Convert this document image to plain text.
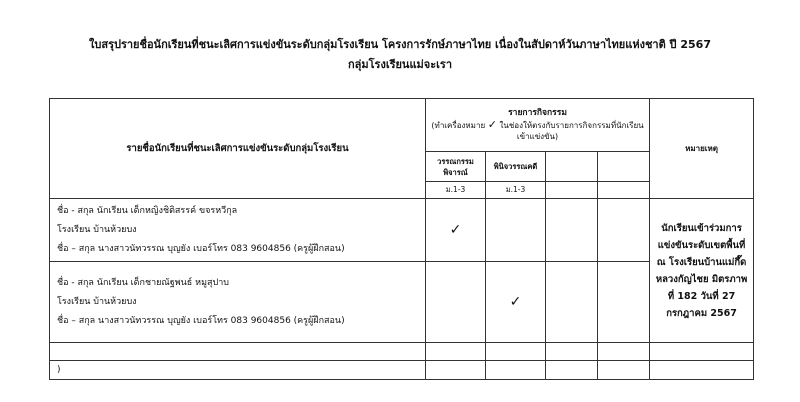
ใบสรุปรายชื่อนักเรียนที่ชนะเลิศการแข่งขันระดับกลุ่มโรงเรียน โครงการรักษ์ภาษาไทย เนื่องในสัปดาห์วันภาษาไทยแห่งชาติ ปี 2567
กลุ่มโรงเรียนแม่จะเรา
รายชื่อนักเรียนที่ชนะเลิศการแข่งขันระดับกลุ่มโรงเรียน	รายการกิจกรรม
(ทำเครื่องหมาย ✓ ในช่องให้ตรงกับรายการกิจกรรมที่นักเรียนเข้าแข่งขัน)				หมายเหตุ
	วรรณกรรมพิจารณ์	พินิจวรรณคดี			
	ม.1-3	ม.1-3			

ชื่อ - สกุล นักเรียน เด็กหญิงชิติสรรค์ ขจรหวีกุล
โรงเรียน บ้านห้วยบง
ชื่อ – สกุล นางสาวนัทวรรณ บุญยัง เบอร์โทร 083 9604856 (ครูผู้ฝึกสอน)	✓				นักเรียนเข้าร่วมการแข่งขันระดับเขตพื้นที่ ณ โรงเรียนบ้านแม่กึ๊ดหลวงกัญไชย มิตรภาพ ที่ 182 วันที่ 27 กรกฎาคม 2567

ชื่อ - สกุล นักเรียน เด็กชายณัฐพนธ์ หมูสุปาบ
โรงเรียน บ้านห้วยบง
ชื่อ – สกุล นางสาวนัทวรรณ บุญยัง เบอร์โทร 083 9604856 (ครูผู้ฝึกสอน)		✓			

)					
